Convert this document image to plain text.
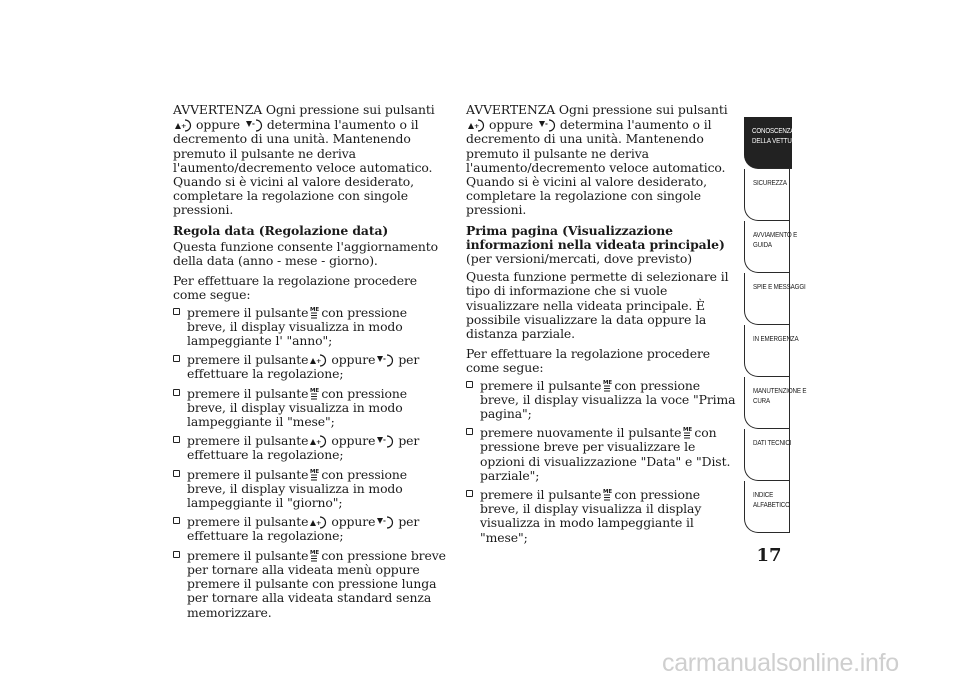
AVVERTENZA Ogni pressione sui pulsanti
oppure determina l'aumento o il decremento di una unità. Mantenendo premuto il pulsante ne deriva l'aumento/decremento veloce automatico. Quando si è vicini al valore desiderato, completare la regolazione con singole pressioni.

Regola data (Regolazione data)

Questa funzione consente l'aggiornamento della data (anno - mese - giorno).

Per effettuare la regolazione procedere come segue:

premere il pulsante con pressione breve, il display visualizza in modo lampeggiante l' "anno";
premere il pulsante oppure per effettuare la regolazione;
premere il pulsante con pressione breve, il display visualizza in modo lampeggiante il "mese";
premere il pulsante oppure per effettuare la regolazione;
premere il pulsante con pressione breve, il display visualizza in modo lampeggiante il "giorno";
premere il pulsante oppure per effettuare la regolazione;
premere il pulsante con pressione breve per tornare alla videata menù oppure premere il pulsante con pressione lunga per tornare alla videata standard senza memorizzare.

AVVERTENZA Ogni pressione sui pulsanti
oppure determina l'aumento o il decremento di una unità. Mantenendo premuto il pulsante ne deriva l'aumento/decremento veloce automatico. Quando si è vicini al valore desiderato, completare la regolazione con singole pressioni.

Prima pagina (Visualizzazione informazioni nella videata principale)(per versioni/mercati, dove previsto)

Questa funzione permette di selezionare il tipo di informazione che si vuole visualizzare nella videata principale. È possibile visualizzare la data oppure la distanza parziale.

Per effettuare la regolazione procedere come segue:

premere il pulsante con pressione breve, il display visualizza la voce "Prima pagina";
premere nuovamente il pulsante con pressione breve per visualizzare le opzioni di visualizzazione "Data" e "Dist. parziale";
premere il pulsante con pressione breve, il display visualizza il display visualizza in modo lampeggiante il "mese";
CONOSCENZA
DELLA VETTURA
SICUREZZA
AVVIAMENTO E
GUIDA
SPIE E MESSAGGI
IN EMERGENZA
MANUTENZIONE E
CURA
DATI TECNICI
INDICE
ALFABETICO
17
carmanualsonline.info
